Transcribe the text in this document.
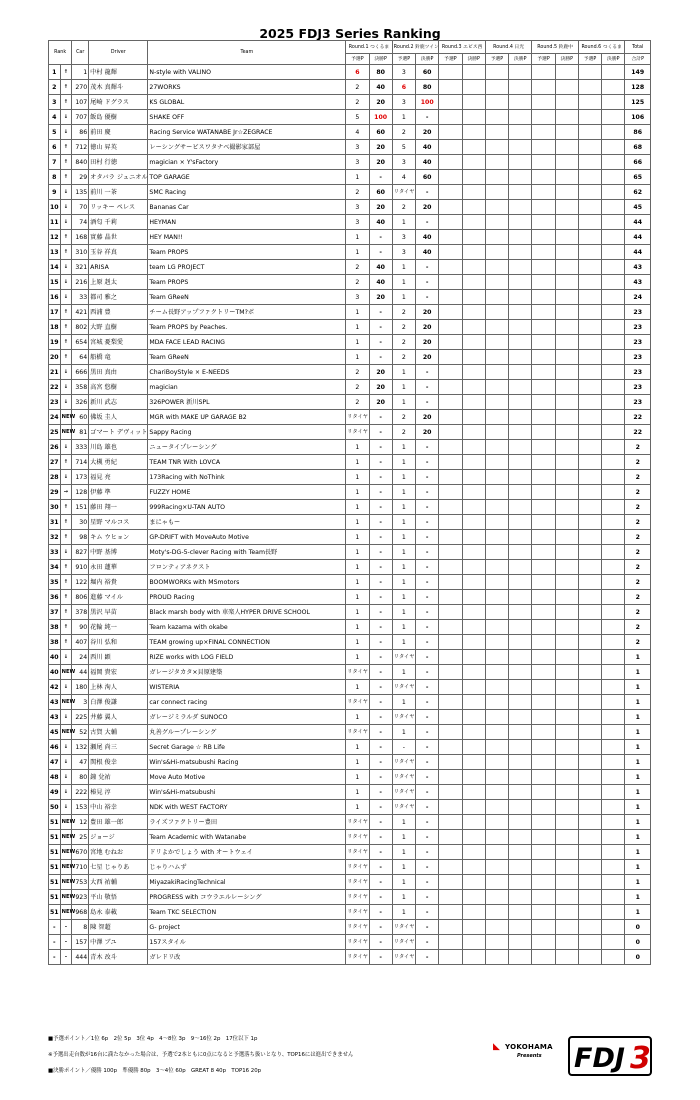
2025 FDJ3 Series Ranking
Rank		Car	Driver	Team	Round.1 つくるま		Round.2 鈴鹿ツイン		Round.3 エビス西		Round.4 日光		Round.5 鈴鹿中		Round.6 つくるま		Total
					予選P	決勝P	予選P	決勝P	予選P	決勝P	予選P	決勝P	予選P	決勝P	予選P	決勝P	合計P
1	↑	1	中村 龍輝	N-style with VALINO	6	80	3	60									149
2	↑	270	茂木 真輝斗	27WORKS	2	40	6	80									128
3	↑	107	尾崎 ドグラス	KS GLOBAL	2	20	3	100									125
4	↓	707	飯島 優樹	SHAKE OFF	5	100	1	-									106
5	↓	86	前田 慶	Racing Service WATANABE Jr☆ZEGRACE	4	60	2	20									86
6	↑	712	徳山 昇英	レーシングサービスワタナベ撮影家部屋	3	20	5	40									68
7	↑	840	田村 行徳	magician × Y'sFactory	3	20	3	40									66
8	↑	29	オタバラ ジュニオル	TOP GARAGE	1	-	4	60									65
9	↓	135	前川 一茶	SMC Racing	2	60	リタイヤ	-									62
10	↓	70	リッキー ペレス	Bananas Car	3	20	2	20									45
11	↓	74	酒匂 千莉	HEYMAN	3	40	1	-									44
12	↑	168	實藤 晶世	HEY MAN!!	1	-	3	40									44
13	↑	310	玉谷 祥真	Team PROPS	1	-	3	40									44
14	↓	321	ARISA	team LG PROJECT	2	40	1	-									43
15	↓	216	上原 赳太	Team PROPS	2	40	1	-									43
16	↓	33	都司 雅之	Team GReeN	3	20	1	-									24
17	↑	421	西浦 豊	チーム長野アップファクトリーTM?ボ	1	-	2	20									23
18	↑	802	大野 直樹	Team PROPS by Peaches.	1	-	2	20									23
19	↑	654	宮城 憂梨愛	MDA FACE LEAD RACING	1	-	2	20									23
20	↑	64	船橋 竜	Team GReeN	1	-	2	20									23
21	↓	666	黒田 真由	ChariBoyStyle × E-NEEDS	2	20	1	-									23
22	↓	358	高宮 悠樹	magician	2	20	1	-									23
23	↓	326	新川 武志	326POWER 新川SPL	2	20	1	-									23
24	NEW	60	佛坂 圭人	MGR with MAKE UP GARAGE B2	リタイヤ	-	2	20									22
25	NEW	81	ゴマート デヴィット	Sappy Racing	リタイヤ	-	2	20									22
26	↓	333	川島 雄也	ニュータイプレーシング	1	-	1	-									2
27	↑	714	大槻 勇紀	TEAM TNR With LOVCA	1	-	1	-									2
28	↓	173	福見 亮	173Racing with NoThink	1	-	1	-									2
29	→	128	伊藤 準	FUZZY HOME	1	-	1	-									2
30	↑	151	藤田 翔一	999Racing×U-TAN AUTO	1	-	1	-									2
31	↑	30	星野 マルコス	まにゃもー	1	-	1	-									2
32	↑	98	キム ウヒョン	GP-DRIFT with MoveAuto Motive	1	-	1	-									2
33	↓	827	中野 基博	Moty's-DG-5-clever Racing with Team長野	1	-	1	-									2
34	↑	910	永田 蓮華	フロンティアネクスト	1	-	1	-									2
35	↑	122	堀内 裕貴	BOOMWORKs with MSmotors	1	-	1	-									2
36	↑	806	進藤 マイル	PROUD Racing	1	-	1	-									2
37	↑	378	黒沢 早苗	Black marsh body with 車楽人HYPER DRIVE SCHOOL	1	-	1	-									2
38	↑	90	花輪 純一	Team kazama with okabe	1	-	1	-									2
38	↑	407	谷川 弘和	TEAM growing up×FINAL CONNECTION	1	-	1	-									2
40	↓	24	西川 顕	RIZE works with LOG FIELD	1	-	リタイヤ	-									1
40	NEW	44	福岡 貴宏	ガレージタカタ×貝原建築	リタイヤ	-	1	-									1
42	↓	180	上林 洵人	WISTERIA	1	-	リタイヤ	-									1
43	NEW	3	白澤 俊謙	car connect racing	リタイヤ	-	1	-									1
43	↓	225	井藤 翼人	ガレージミラルダ SUNOCO	1	-	リタイヤ	-									1
45	NEW	52	古賀 大輔	丸善グループレーシング	リタイヤ	-	1	-									1
46	↓	132	瀬尾 尚三	Secret Garage ☆ RB Life	1	-	-	-									1
47	↓	47	関根 俊幸	Win's&Hi-matsubushi Racing	1	-	リタイヤ	-									1
48	↓	80	鐘 兌祐	Move Auto Motive	1	-	リタイヤ	-									1
49	↓	222	椿見 淳	Win's&Hi-matsubushi	1	-	リタイヤ	-									1
50	↓	153	中山 裕幸	NDK with WEST FACTORY	1	-	リタイヤ	-									1
51	NEW	12	豊田 雄一郎	ライズファクトリー豊田	リタイヤ	-	1	-									1
51	NEW	25	ジョージ	Team Academic with Watanabe	リタイヤ	-	1	-									1
51	NEW	670	宮地 むねお	ドリよかでしょう with オートウェイ	リタイヤ	-	1	-									1
51	NEW	710	七星 じゃりあ	じゃりハムず	リタイヤ	-	1	-									1
51	NEW	753	大西 祐輔	MiyazakiRacingTechnical	リタイヤ	-	1	-									1
51	NEW	923	平山 敬悟	PROGRESS with コウラエルレーシング	リタイヤ	-	1	-									1
51	NEW	968	島永 泰載	Team TKC SELECTION	リタイヤ	-	1	-									1
-	-	8	陳 智超	G- project	リタイヤ	-	リタイヤ	-									0
-	-	157	中澤 ブユ	157スタイル	リタイヤ	-	リタイヤ	-									0
-	-	444	青木 改斗	ガレドリ改	リタイヤ	-	リタイヤ	-									0
■予選ポイント／1位 6p　2位 5p　3位 4p　4〜8位 3p　9〜16位 2p　17位以下 1p
※予選出走台数が16台に満たなかった場合は、予選で2本ともに0点になると予選落ち扱いとなり、TOP16には進出できません
■決勝ポイント／優勝 100p　準優勝 80p　3〜4位 60p　GREAT 8 40p　TOP16 20p
◣ YOKOHAMA
Presents FDJ 3
